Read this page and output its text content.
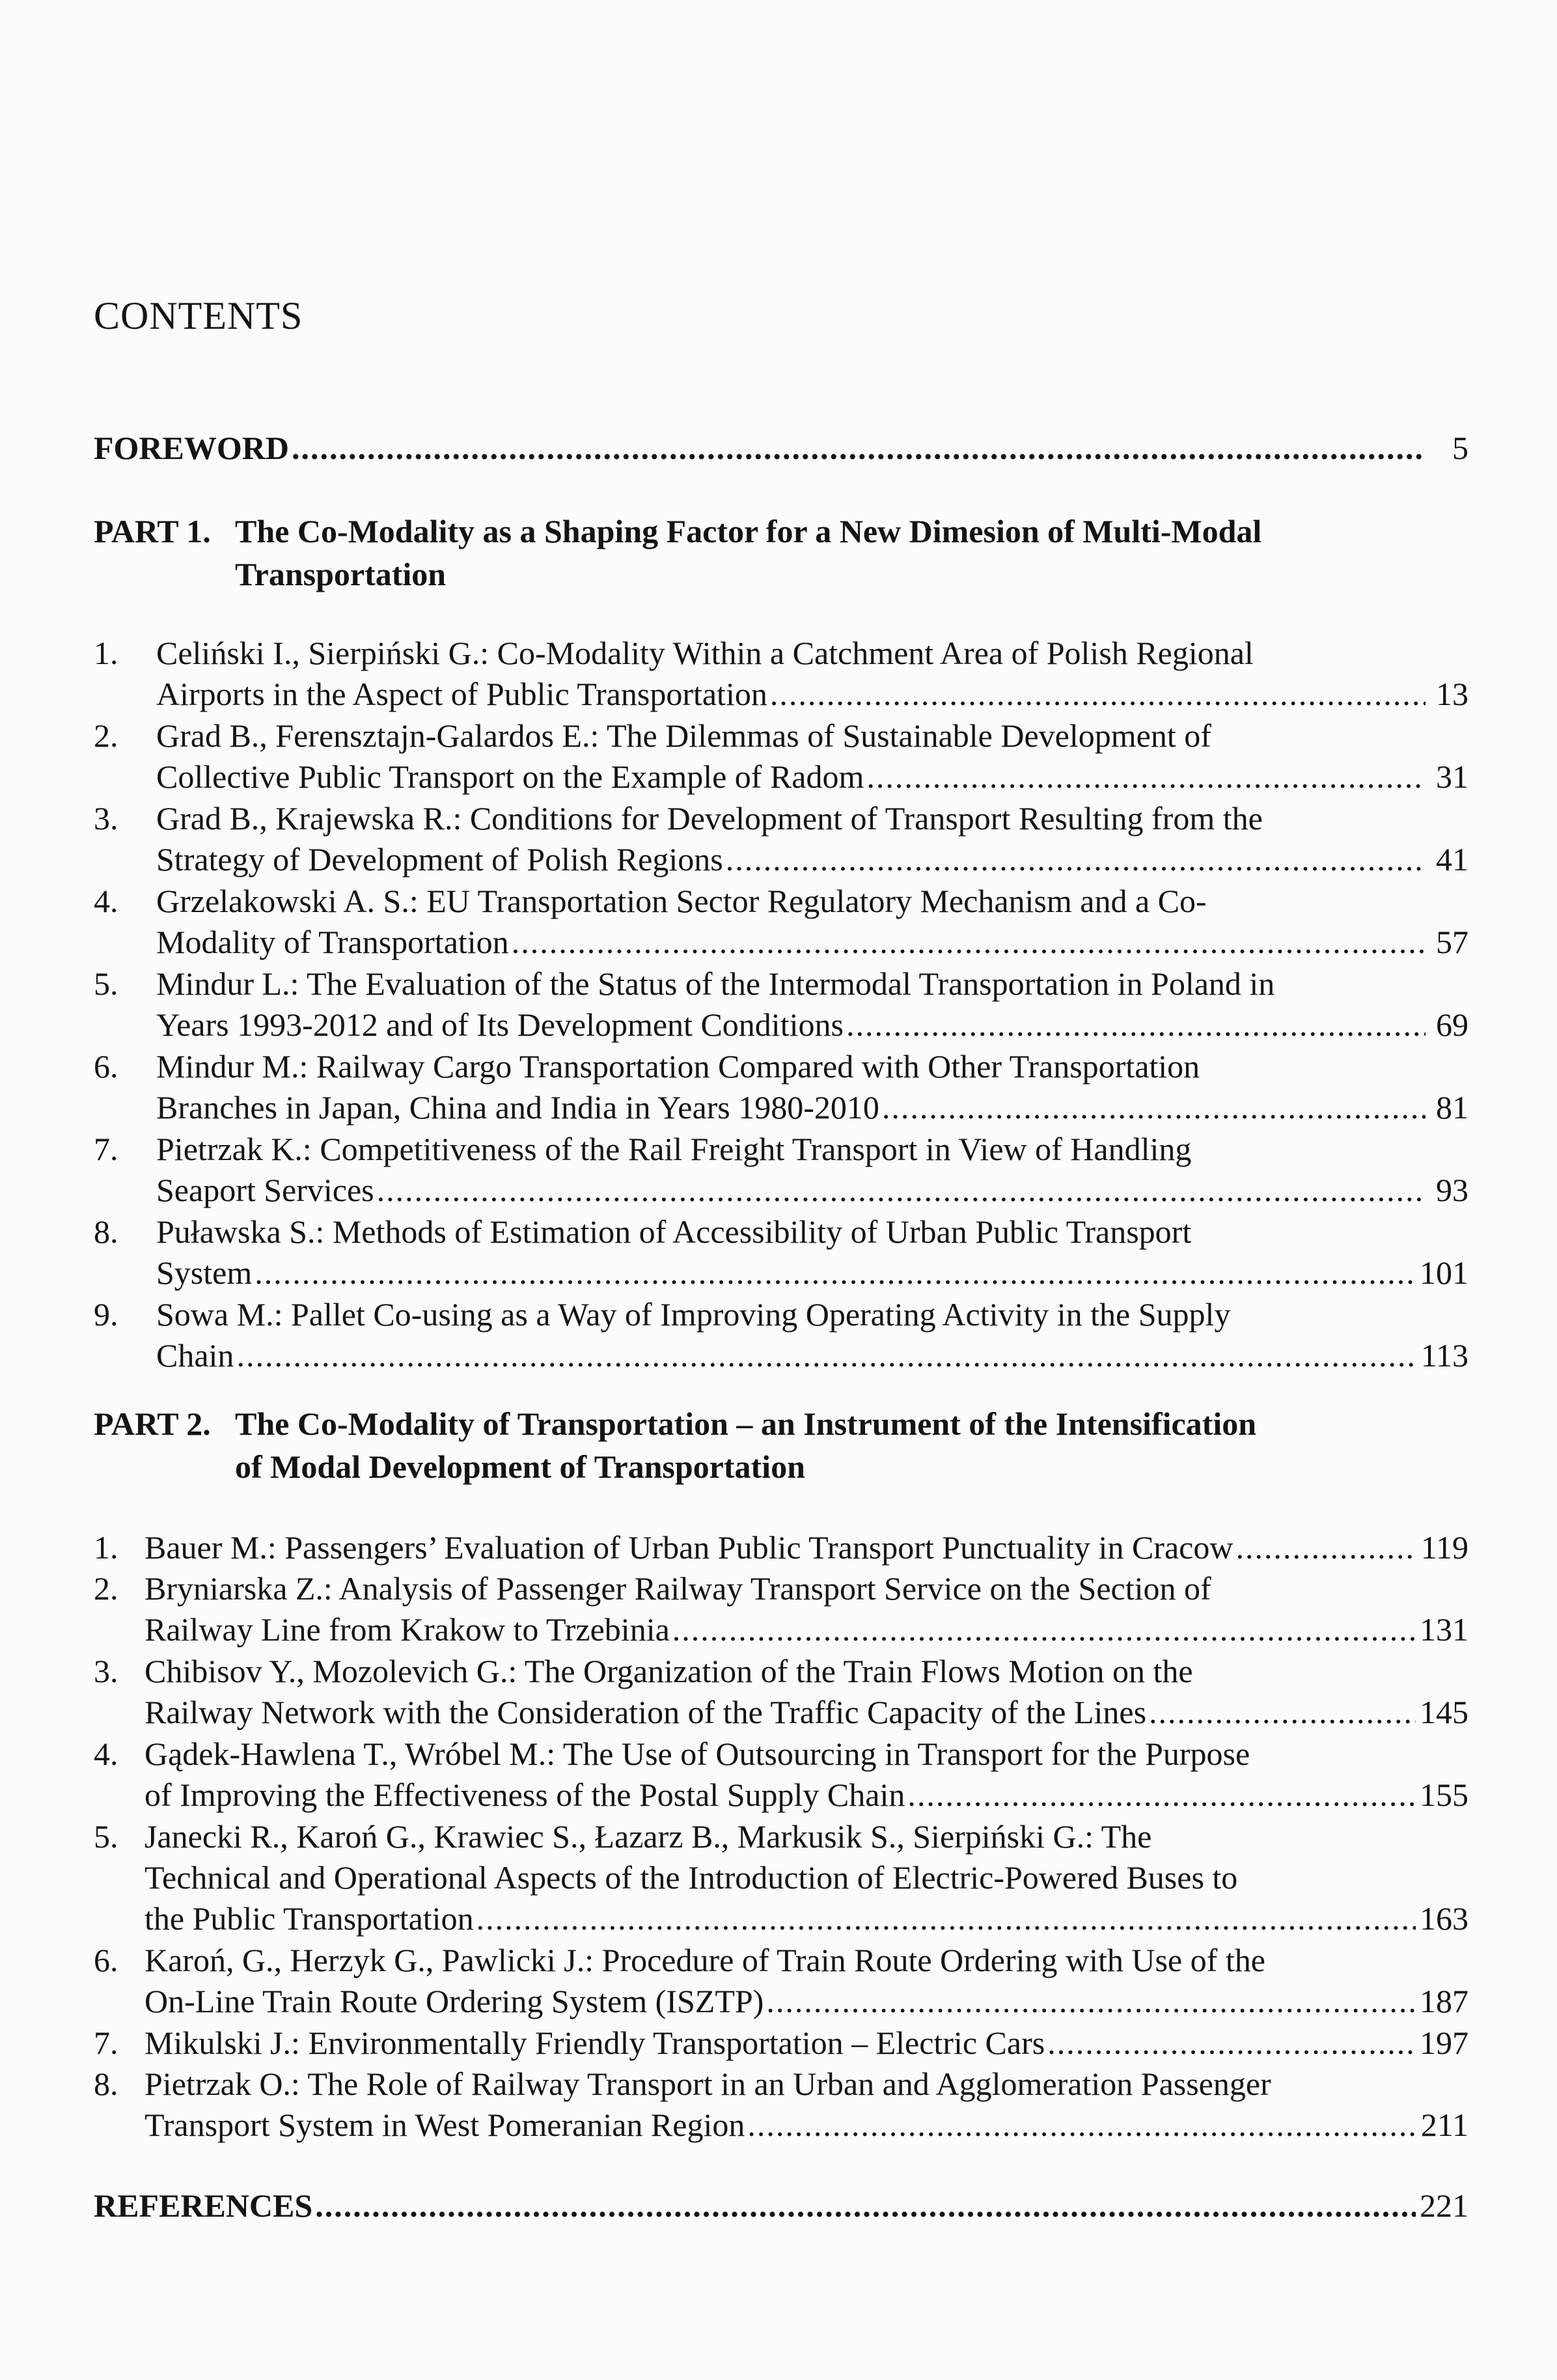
CONTENTS
FOREWORD .....	5
PART 1. The Co-Modality as a Shaping Factor for a New Dimesion of Multi-Modal
Transportation
1. Celiński I., Sierpiński G.: Co-Modality Within a Catchment Area of Polish Regional
Airports in the Aspect of Public Transportation .....	13
2. Grad B., Ferensztajn-Galardos E.: The Dilemmas of Sustainable Development of
Collective Public Transport on the Example of Radom .....	31
3. Grad B., Krajewska R.: Conditions for Development of Transport Resulting from the
Strategy of Development of Polish Regions .....	41
4. Grzelakowski A. S.: EU Transportation Sector Regulatory Mechanism and a Co-
Modality of Transportation .....	57
5. Mindur L.: The Evaluation of the Status of the Intermodal Transportation in Poland in
Years 1993-2012 and of Its Development Conditions .....	69
6. Mindur M.: Railway Cargo Transportation Compared with Other Transportation
Branches in Japan, China and India in Years 1980-2010 .....	81
7. Pietrzak K.: Competitiveness of the Rail Freight Transport in View of Handling
Seaport Services .....	93
8. Puławska S.: Methods of Estimation of Accessibility of Urban Public Transport
System .....	101
9. Sowa M.: Pallet Co-using as a Way of Improving Operating Activity in the Supply
Chain .....	113
PART 2. The Co-Modality of Transportation – an Instrument of the Intensification
of Modal Development of Transportation
1. Bauer M.: Passengers’ Evaluation of Urban Public Transport Punctuality in Cracow .....	119
2. Bryniarska Z.: Analysis of Passenger Railway Transport Service on the Section of
Railway Line from Krakow to Trzebinia .....	131
3. Chibisov Y., Mozolevich G.: The Organization of the Train Flows Motion on the
Railway Network with the Consideration of the Traffic Capacity of the Lines .....	145
4. Gądek-Hawlena T., Wróbel M.: The Use of Outsourcing in Transport for the Purpose
of Improving the Effectiveness of the Postal Supply Chain .....	155
5. Janecki R., Karoń G., Krawiec S., Łazarz B., Markusik S., Sierpiński G.: The
Technical and Operational Aspects of the Introduction of Electric-Powered Buses to
the Public Transportation .....	163
6. Karoń, G., Herzyk G., Pawlicki J.: Procedure of Train Route Ordering with Use of the
On-Line Train Route Ordering System (ISZTP) .....	187
7. Mikulski J.: Environmentally Friendly Transportation – Electric Cars .....	197
8. Pietrzak O.: The Role of Railway Transport in an Urban and Agglomeration Passenger
Transport System in West Pomeranian Region .....	211
REFERENCES .....	221
